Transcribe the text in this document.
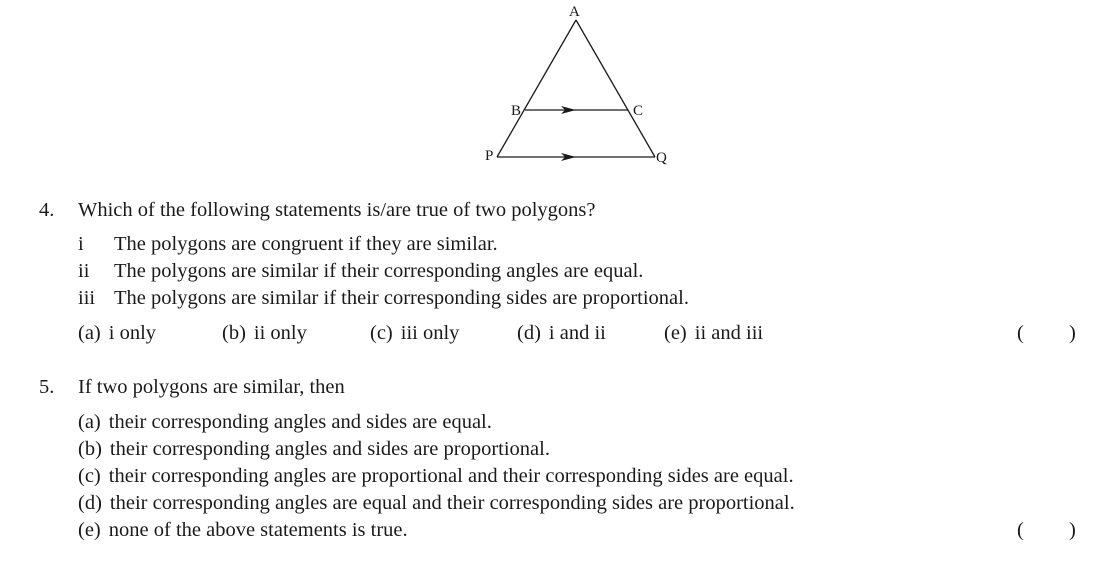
A
B	C
P	Q
4. Which of the following statements is/are true of two polygons?
i The polygons are congruent if they are similar.
ii The polygons are similar if their corresponding angles are equal.
iii The polygons are similar if their corresponding sides are proportional.
(a) i only	(b) ii only	(c) iii only	(d) i and ii	(e) ii and iii	( )
5. If two polygons are similar, then
(a) their corresponding angles and sides are equal.
(b) their corresponding angles and sides are proportional.
(c) their corresponding angles are proportional and their corresponding sides are equal.
(d) their corresponding angles are equal and their corresponding sides are proportional.
(e) none of the above statements is true.	( )
